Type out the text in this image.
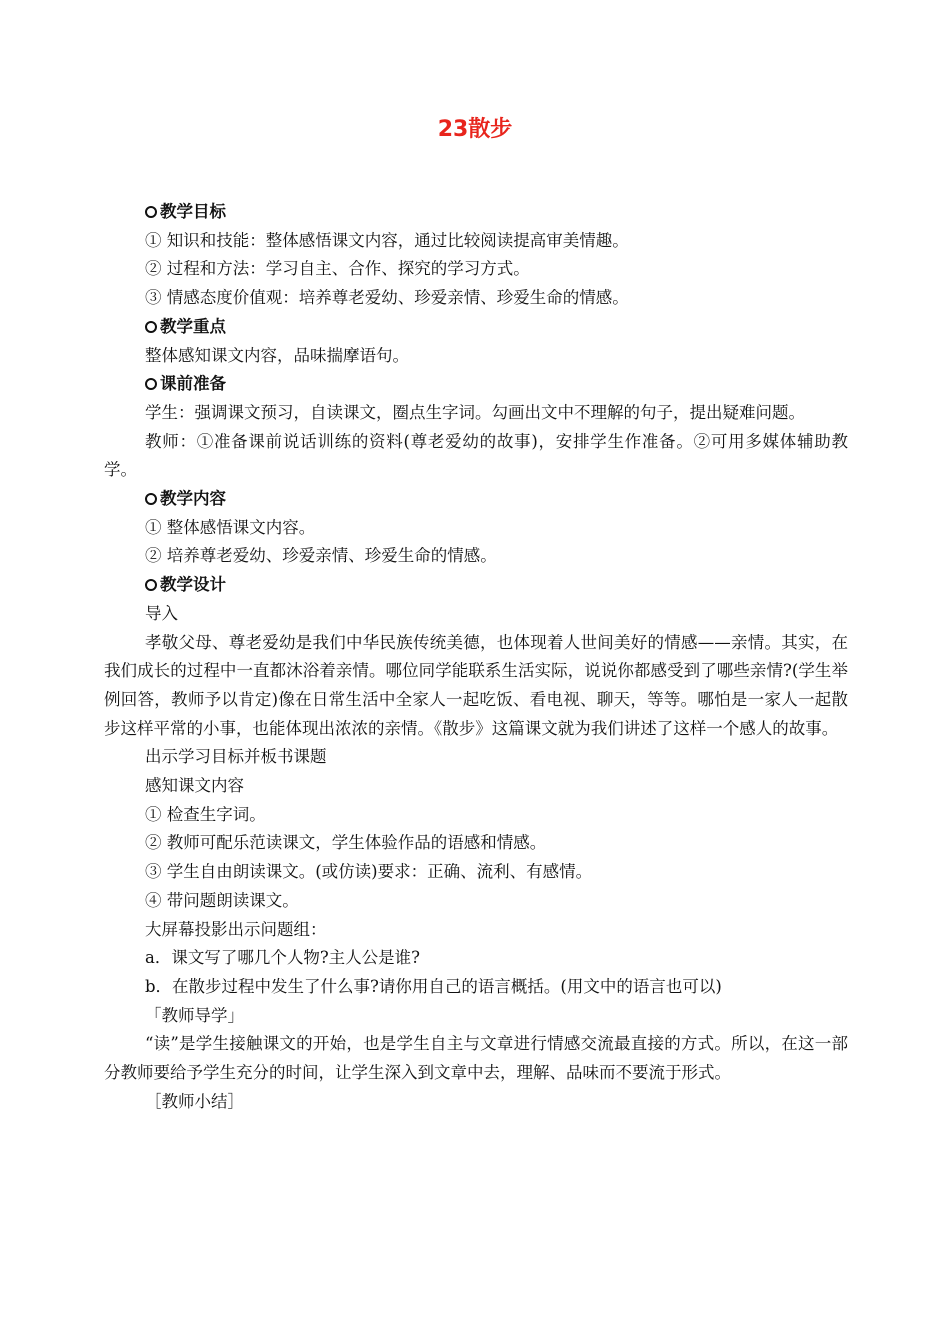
23散步

教学目标

① 知识和技能：整体感悟课文内容，通过比较阅读提高审美情趣。

② 过程和方法：学习自主、合作、探究的学习方式。

③ 情感态度价值观：培养尊老爱幼、珍爱亲情、珍爱生命的情感。

教学重点

整体感知课文内容，品味揣摩语句。

课前准备

学生：强调课文预习，自读课文，圈点生字词。勾画出文中不理解的句子，提出疑难问题。

教师：①准备课前说话训练的资料(尊老爱幼的故事)，安排学生作准备。②可用多媒体辅助教学。

教学内容

① 整体感悟课文内容。

② 培养尊老爱幼、珍爱亲情、珍爱生命的情感。

教学设计

导入

孝敬父母、尊老爱幼是我们中华民族传统美德，也体现着人世间美好的情感——亲情。其实，在我们成长的过程中一直都沐浴着亲情。哪位同学能联系生活实际，说说你都感受到了哪些亲情?(学生举例回答，教师予以肯定)像在日常生活中全家人一起吃饭、看电视、聊天，等等。哪怕是一家人一起散步这样平常的小事，也能体现出浓浓的亲情。《散步》这篇课文就为我们讲述了这样一个感人的故事。

出示学习目标并板书课题

感知课文内容

① 检查生字词。

② 教师可配乐范读课文，学生体验作品的语感和情感。

③ 学生自由朗读课文。(或仿读)要求：正确、流利、有感情。

④ 带问题朗读课文。

大屏幕投影出示问题组：

a．课文写了哪几个人物?主人公是谁?

b．在散步过程中发生了什么事?请你用自己的语言概括。(用文中的语言也可以)

「教师导学」

“读”是学生接触课文的开始，也是学生自主与文章进行情感交流最直接的方式。所以，在这一部分教师要给予学生充分的时间，让学生深入到文章中去，理解、品味而不要流于形式。

［教师小结］
